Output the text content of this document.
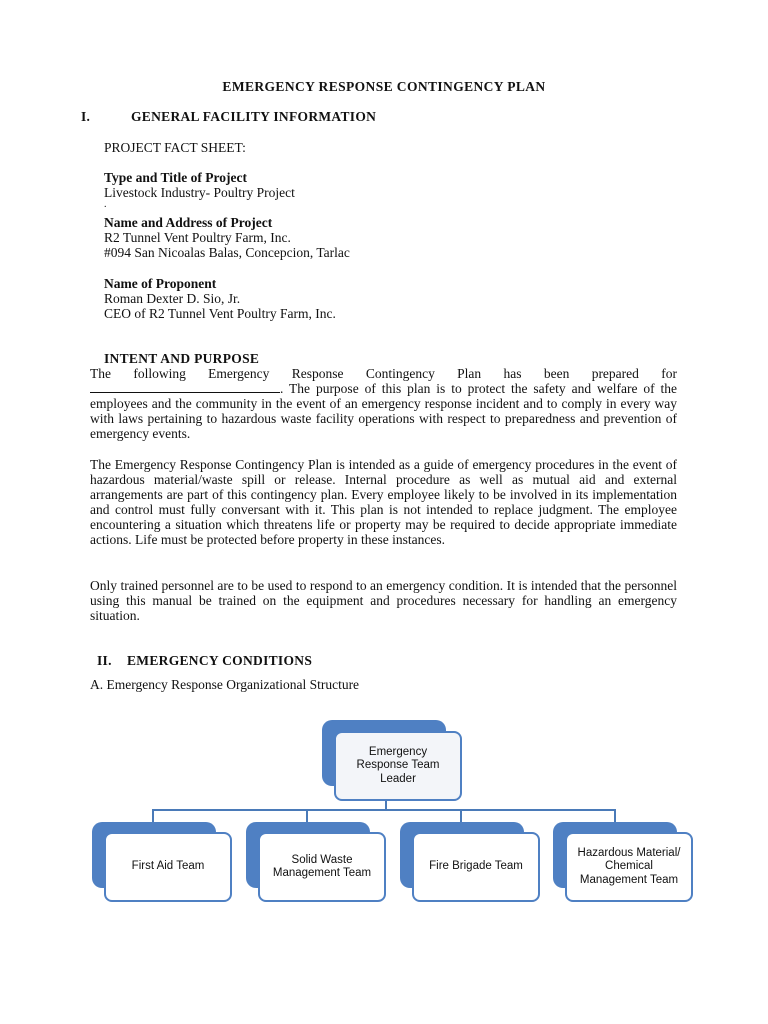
EMERGENCY RESPONSE CONTINGENCY PLAN
I.	GENERAL FACILITY INFORMATION
PROJECT FACT SHEET:
Type and Title of Project
Livestock Industry- Poultry Project
.
Name and Address of Project
R2 Tunnel Vent Poultry Farm, Inc.
#094 San Nicoalas Balas, Concepcion, Tarlac
Name of Proponent
Roman Dexter D. Sio, Jr.
CEO of R2 Tunnel Vent Poultry Farm, Inc.
INTENT AND PURPOSE
The following Emergency Response Contingency Plan has been prepared for . The purpose of this plan is to protect the safety and welfare of the employees and the community in the event of an emergency response incident and to comply in every way with laws pertaining to hazardous waste facility operations with respect to preparedness and prevention of emergency events.
The Emergency Response Contingency Plan is intended as a guide of emergency procedures in the event of hazardous material/waste spill or release. Internal procedure as well as mutual aid and external arrangements are part of this contingency plan. Every employee likely to be involved in its implementation and control must fully conversant with it. This plan is not intended to replace judgment. The employee encountering a situation which threatens life or property may be required to decide appropriate immediate actions. Life must be protected before property in these instances.
Only trained personnel are to be used to respond to an emergency condition. It is intended that the personnel using this manual be trained on the equipment and procedures necessary for handling an emergency situation.
II. EMERGENCY CONDITIONS
A. Emergency Response Organizational Structure
Emergency Response Team Leader
First Aid Team
Solid Waste Management Team
Fire Brigade Team
Hazardous Material/ Chemical Management Team
